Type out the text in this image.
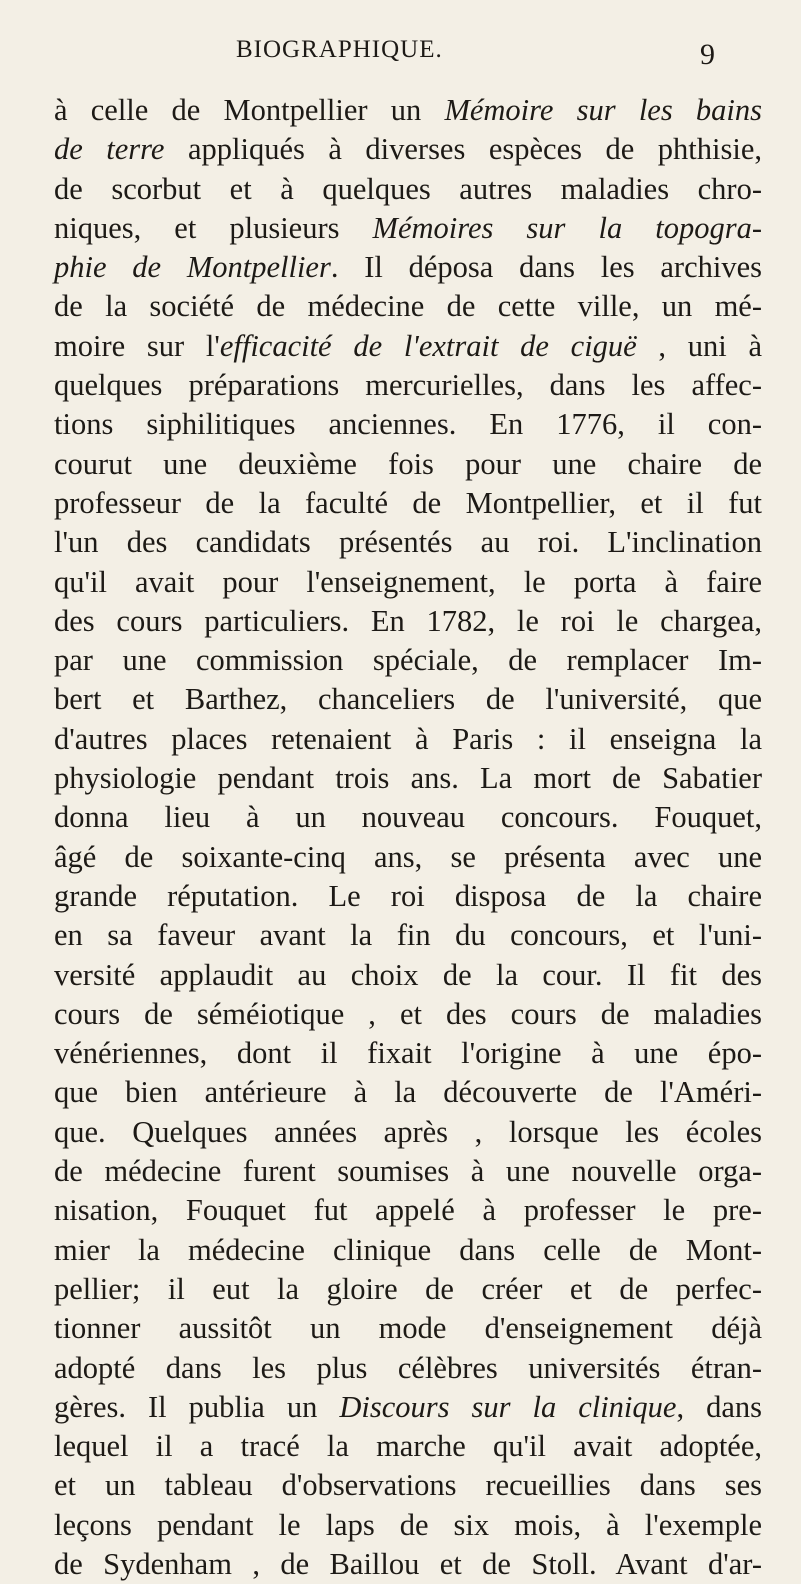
BIOGRAPHIQUE.	9
à celle de Montpellier un Mémoire sur les bains
de terre appliqués à diverses espèces de phthisie,
de scorbut et à quelques autres maladies chro-
niques, et plusieurs Mémoires sur la topogra-
phie de Montpellier. Il déposa dans les archives
de la société de médecine de cette ville, un mé-
moire sur l'efficacité de l'extrait de ciguë , uni à
quelques préparations mercurielles, dans les affec-
tions siphilitiques anciennes. En 1776, il con-
courut une deuxième fois pour une chaire de
professeur de la faculté de Montpellier, et il fut
l'un des candidats présentés au roi. L'inclination
qu'il avait pour l'enseignement, le porta à faire
des cours particuliers. En 1782, le roi le chargea,
par une commission spéciale, de remplacer Im-
bert et Barthez, chanceliers de l'université, que
d'autres places retenaient à Paris : il enseigna la
physiologie pendant trois ans. La mort de Sabatier
donna lieu à un nouveau concours. Fouquet,
âgé de soixante-cinq ans, se présenta avec une
grande réputation. Le roi disposa de la chaire
en sa faveur avant la fin du concours, et l'uni-
versité applaudit au choix de la cour. Il fit des
cours de séméiotique , et des cours de maladies
vénériennes, dont il fixait l'origine à une épo-
que bien antérieure à la découverte de l'Améri-
que. Quelques années après , lorsque les écoles
de médecine furent soumises à une nouvelle orga-
nisation, Fouquet fut appelé à professer le pre-
mier la médecine clinique dans celle de Mont-
pellier; il eut la gloire de créer et de perfec-
tionner aussitôt un mode d'enseignement déjà
adopté dans les plus célèbres universités étran-
gères. Il publia un Discours sur la clinique, dans
lequel il a tracé la marche qu'il avait adoptée,
et un tableau d'observations recueillies dans ses
leçons pendant le laps de six mois, à l'exemple
de Sydenham , de Baillou et de Stoll. Avant d'ar-
